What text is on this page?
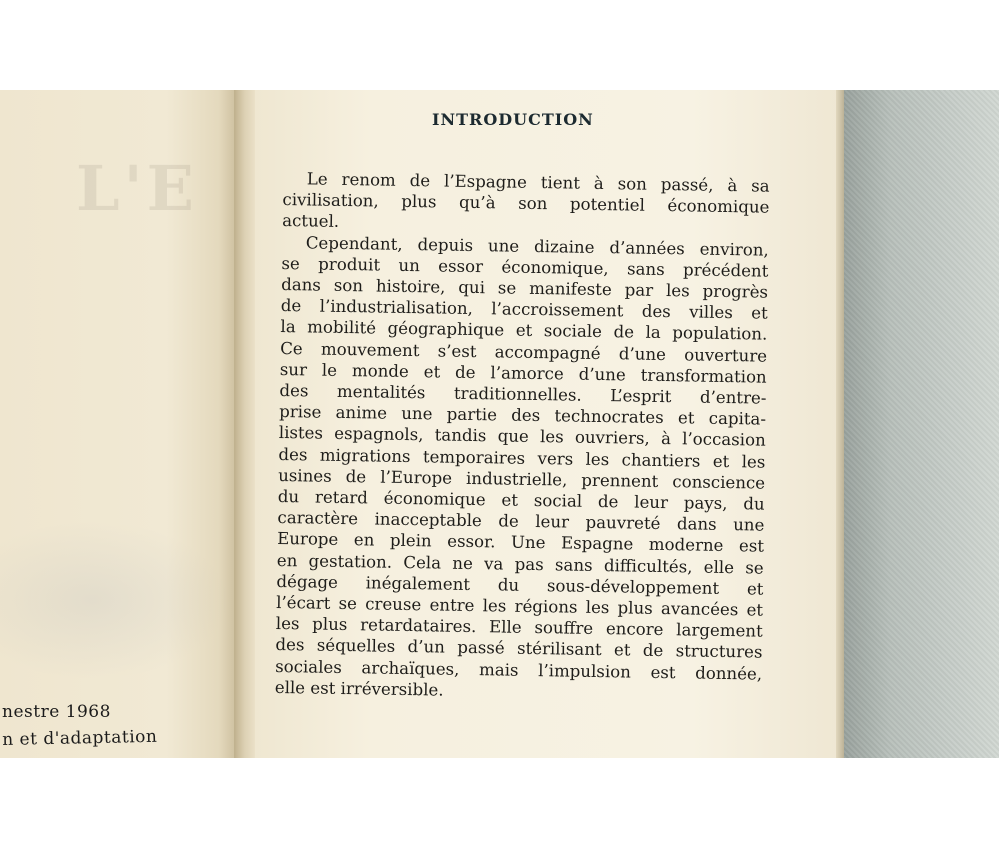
L'E
nestre 1968
n et d'adaptation
INTRODUCTION
Le renom de l’Espagne tient à son passé, à sa
civilisation, plus qu’à son potentiel économique
actuel.
Cependant, depuis une dizaine d’années environ,
se produit un essor économique, sans précédent
dans son histoire, qui se manifeste par les progrès
de l’industrialisation, l’accroissement des villes et
la mobilité géographique et sociale de la population.
Ce mouvement s’est accompagné d’une ouverture
sur le monde et de l’amorce d’une transformation
des mentalités traditionnelles. L’esprit d’entre-
prise anime une partie des technocrates et capita-
listes espagnols, tandis que les ouvriers, à l’occasion
des migrations temporaires vers les chantiers et les
usines de l’Europe industrielle, prennent conscience
du retard économique et social de leur pays, du
caractère inacceptable de leur pauvreté dans une
Europe en plein essor. Une Espagne moderne est
en gestation. Cela ne va pas sans difficultés, elle se
dégage inégalement du sous-développement et
l’écart se creuse entre les régions les plus avancées et
les plus retardataires. Elle souffre encore largement
des séquelles d’un passé stérilisant et de structures
sociales archaïques, mais l’impulsion est donnée,
elle est irréversible.
